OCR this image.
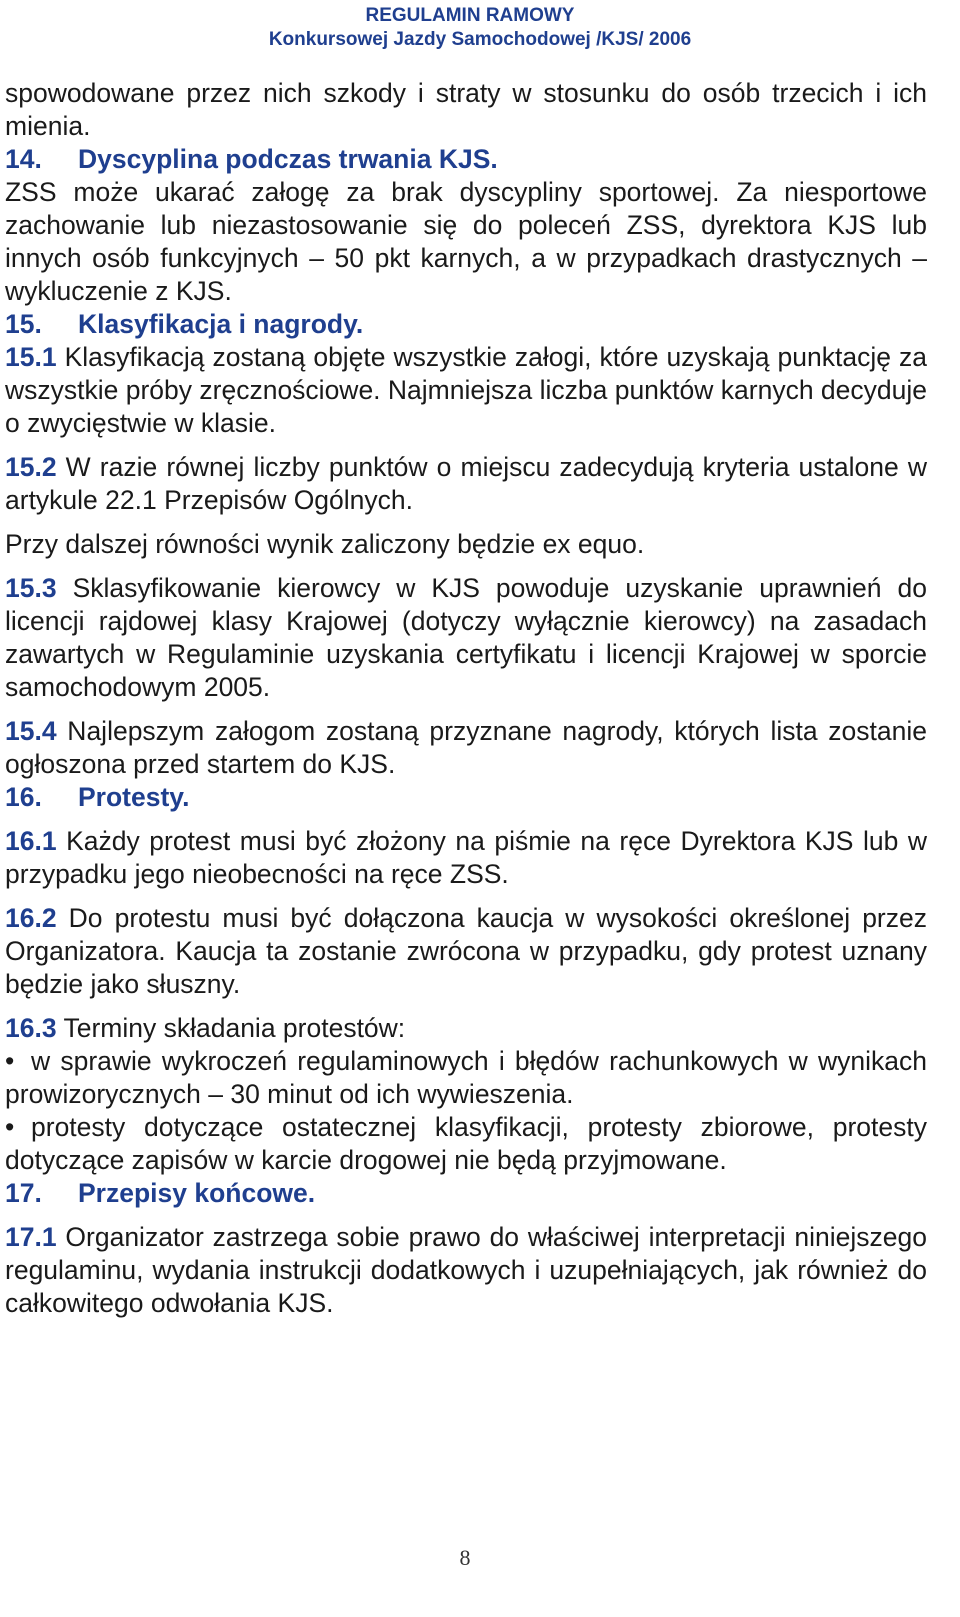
REGULAMIN RAMOWY
Konkursowej Jazdy Samochodowej /KJS/ 2006

spowodowane przez nich szkody i straty w stosunku do osób trzecich i ich mienia.

14. Dyscyplina podczas trwania KJS.

ZSS może ukarać załogę za brak dyscypliny sportowej. Za niesportowe zachowanie lub niezastosowanie się do poleceń ZSS, dyrektora KJS lub innych osób funkcyjnych – 50 pkt karnych, a w przypadkach drastycznych – wykluczenie z KJS.

15. Klasyfikacja i nagrody.

15.1 Klasyfikacją zostaną objęte wszystkie załogi, które uzyskają punktację za wszystkie próby zręcznościowe. Najmniejsza liczba punktów karnych decyduje o zwycięstwie w klasie.

15.2 W razie równej liczby punktów o miejscu zadecydują kryteria ustalone w artykule 22.1 Przepisów Ogólnych.

Przy dalszej równości wynik zaliczony będzie ex equo.

15.3 Sklasyfikowanie kierowcy w KJS powoduje uzyskanie uprawnień do licencji rajdowej klasy Krajowej (dotyczy wyłącznie kierowcy) na zasadach zawartych w Regulaminie uzyskania certyfikatu i licencji Krajowej w sporcie samochodowym 2005.

15.4 Najlepszym załogom zostaną przyznane nagrody, których lista zostanie ogłoszona przed startem do KJS.

16. Protesty.

16.1 Każdy protest musi być złożony na piśmie na ręce Dyrektora KJS lub w przypadku jego nieobecności na ręce ZSS.

16.2 Do protestu musi być dołączona kaucja w wysokości określonej przez Organizatora. Kaucja ta zostanie zwrócona w przypadku, gdy protest uznany będzie jako słuszny.

16.3 Terminy składania protestów:

• w sprawie wykroczeń regulaminowych i błędów rachunkowych w wynikach prowizorycznych – 30 minut od ich wywieszenia.

• protesty dotyczące ostatecznej klasyfikacji, protesty zbiorowe, protesty dotyczące zapisów w karcie drogowej nie będą przyjmowane.

17. Przepisy końcowe.

17.1 Organizator zastrzega sobie prawo do właściwej interpretacji niniejszego regulaminu, wydania instrukcji dodatkowych i uzupełniających, jak również do całkowitego odwołania KJS.

8
